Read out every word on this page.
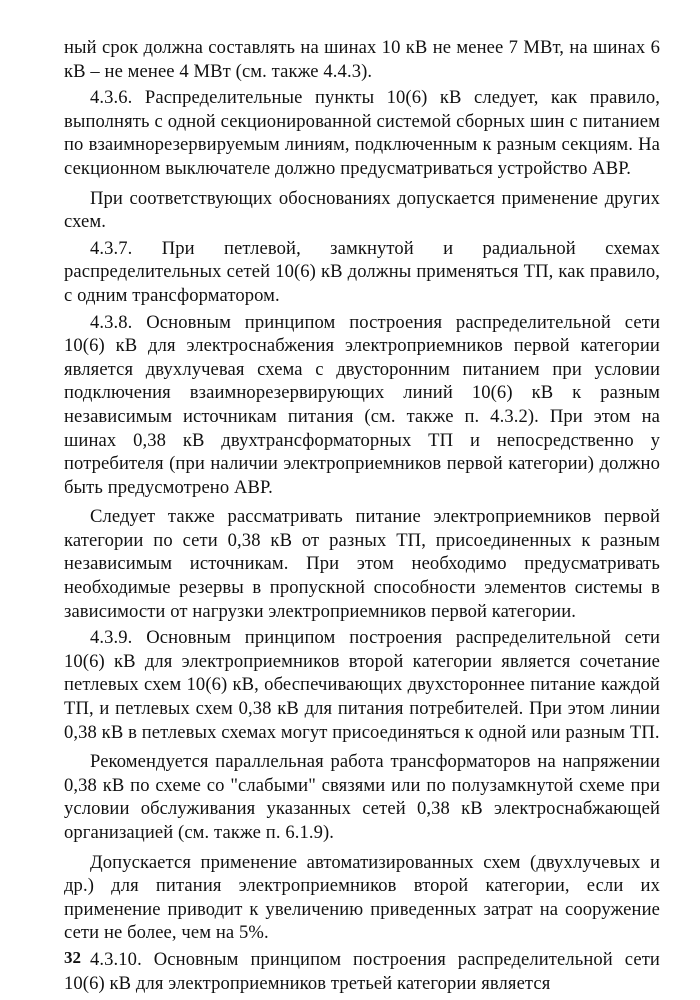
ный срок должна составлять на шинах 10 кВ не менее 7 МВт, на шинах 6 кВ – не менее 4 МВт (см. также 4.4.3).

4.3.6. Распределительные пункты 10(6) кВ следует, как правило, выполнять с одной секционированной системой сборных шин с питанием по взаимнорезервируемым линиям, подключенным к разным секциям. На секционном выключателе должно предусматриваться устройство АВР.

При соответствующих обоснованиях допускается применение других схем.

4.3.7. При петлевой, замкнутой и радиальной схемах распределительных сетей 10(6) кВ должны применяться ТП, как правило, с одним трансформатором.

4.3.8. Основным принципом построения распределительной сети 10(6) кВ для электроснабжения электроприемников первой категории является двухлучевая схема с двусторонним питанием при условии подключения взаимнорезервирующих линий 10(6) кВ к разным независимым источникам питания (см. также п. 4.3.2). При этом на шинах 0,38 кВ двухтрансформаторных ТП и непосредственно у потребителя (при наличии электроприемников первой категории) должно быть предусмотрено АВР.

Следует также рассматривать питание электроприемников первой категории по сети 0,38 кВ от разных ТП, присоединенных к разным независимым источникам. При этом необходимо предусматривать необходимые резервы в пропускной способности элементов системы в зависимости от нагрузки электроприемников первой категории.

4.3.9. Основным принципом построения распределительной сети 10(6) кВ для электроприемников второй категории является сочетание петлевых схем 10(6) кВ, обеспечивающих двухстороннее питание каждой ТП, и петлевых схем 0,38 кВ для питания потребителей. При этом линии 0,38 кВ в петлевых схемах могут присоединяться к одной или разным ТП.

Рекомендуется параллельная работа трансформаторов на напряжении 0,38 кВ по схеме со "слабыми" связями или по полузамкнутой схеме при условии обслуживания указанных сетей 0,38 кВ электроснабжающей организацией (см. также п. 6.1.9).

Допускается применение автоматизированных схем (двухлучевых и др.) для питания электроприемников второй категории, если их применение приводит к увеличению приведенных затрат на сооружение сети не более, чем на 5%.

4.3.10. Основным принципом построения распределительной сети 10(6) кВ для электроприемников третьей категории является

32
